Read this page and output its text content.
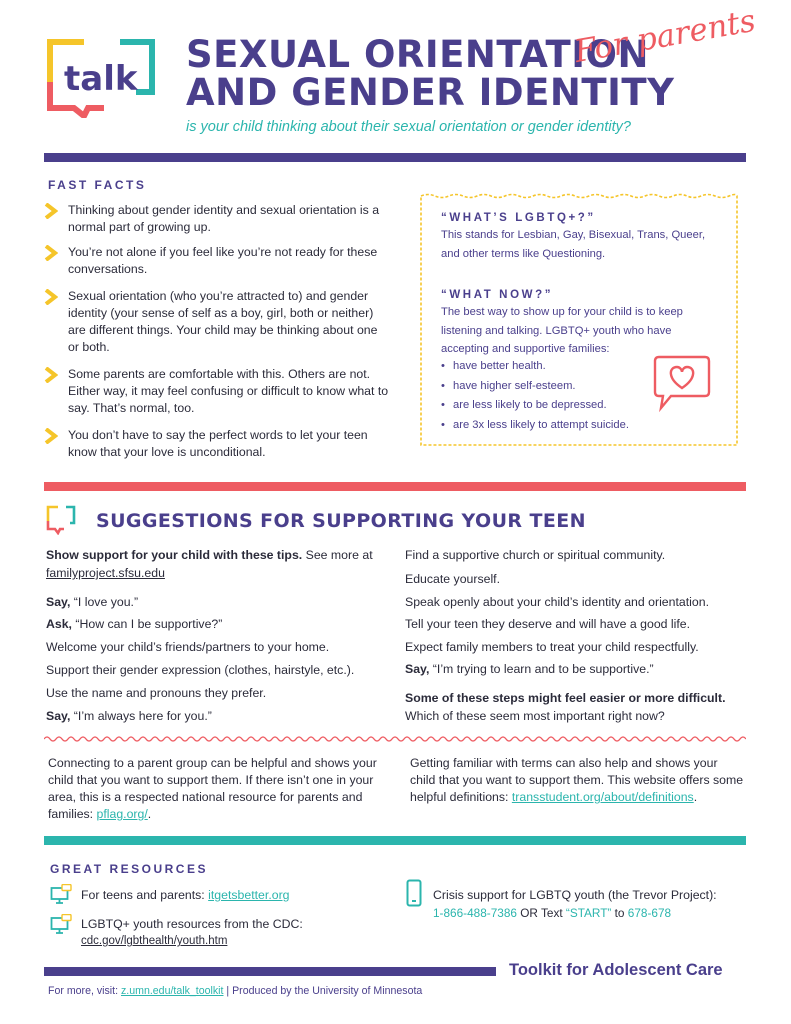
talk
SEXUAL ORIENTATION
AND GENDER IDENTITY
For parents
is your child thinking about their sexual orientation or gender identity?
FAST FACTS

Thinking about gender identity and sexual orientation is a normal part of growing up.

You’re not alone if you feel like you’re not ready for these conversations.

Sexual orientation (who you’re attracted to) and gender identity (your sense of self as a boy, girl, both or neither) are different things. Your child may be thinking about one or both.

Some parents are comfortable with this. Others are not. Either way, it may feel confusing or difficult to know what to say. That’s normal, too.

You don’t have to say the perfect words to let your teen know that your love is unconditional.

“WHAT’S LGBTQ+?”
This stands for Lesbian, Gay, Bisexual, Trans, Queer, and other terms like Questioning.
“WHAT NOW?”
The best way to show up for your child is to keep listening and talking. LGBTQ+ youth who have accepting and supportive families:
• have better health.
• have higher self-esteem.
• are less likely to be depressed.
• are 3x less likely to attempt suicide.
SUGGESTIONS FOR SUPPORTING YOUR TEEN
Show support for your child with these tips. See more at
familyproject.sfsu.edu
Say, “I love you.”
Ask, “How can I be supportive?”
Welcome your child’s friends/partners to your home.
Support their gender expression (clothes, hairstyle, etc.).
Use the name and pronouns they prefer.
Say, “I’m always here for you.”
Find a supportive church or spiritual community.
Educate yourself.
Speak openly about your child’s identity and orientation.
Tell your teen they deserve and will have a good life.
Expect family members to treat your child respectfully.
Say, “I’m trying to learn and to be supportive.”
Some of these steps might feel easier or more difficult.
Which of these seem most important right now?
Connecting to a parent group can be helpful and shows your child that you want to support them. If there isn’t one in your area, this is a respected national resource for parents and families: pflag.org/.
Getting familiar with terms can also help and shows your child that you want to support them. This website offers some helpful definitions: transstudent.org/about/definitions.
GREAT RESOURCES
For teens and parents: itgetsbetter.org
LGBTQ+ youth resources from the CDC:
cdc.gov/lgbthealth/youth.htm
Crisis support for LGBTQ youth (the Trevor Project):
1-866-488-7386 OR Text “START” to 678-678
Toolkit for Adolescent Care
For more, visit: z.umn.edu/talk_toolkit | Produced by the University of Minnesota
